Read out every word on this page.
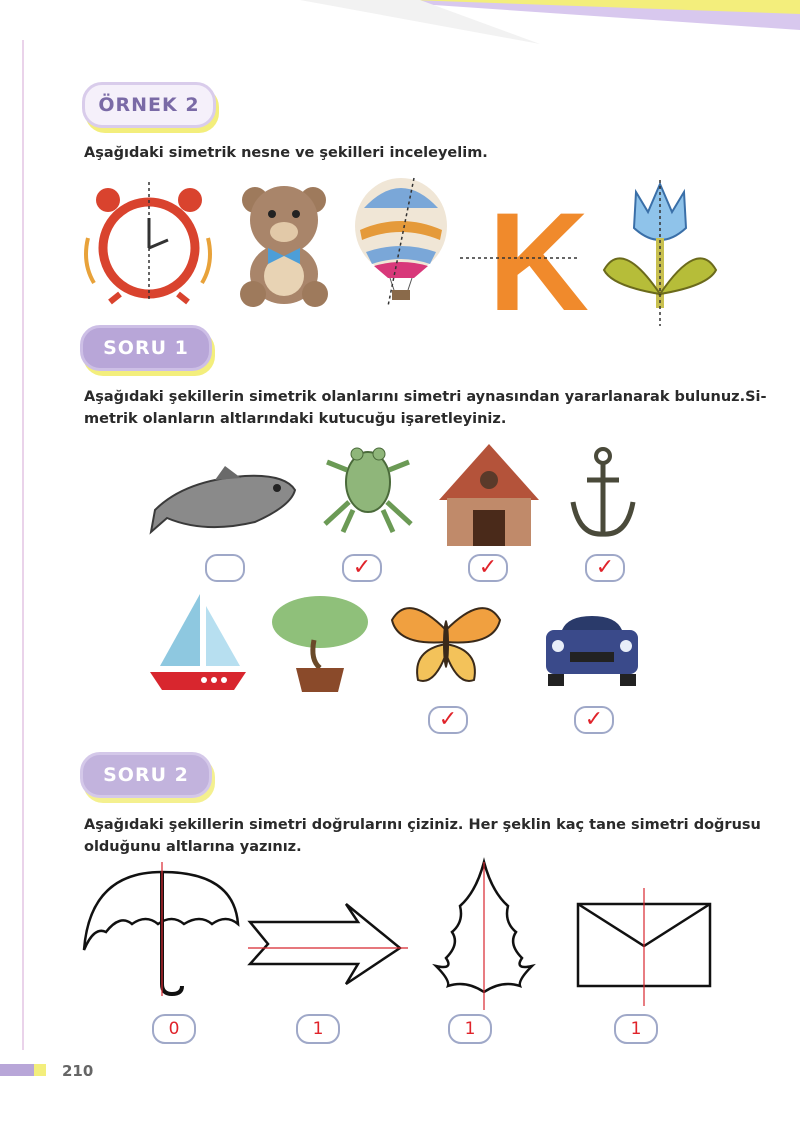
ÖRNEK 2
Aşağıdaki simetrik nesne ve şekilleri inceleyelim.
K
SORU 1
Aşağıdaki şekillerin simetrik olanlarını simetri aynasından yararlanarak bulunuz.Si-
metrik olanların altlarındaki kutucuğu işaretleyiniz.
✓	✓	✓
✓	✓
SORU 2
Aşağıdaki şekillerin simetri doğrularını çiziniz. Her şeklin kaç tane simetri doğrusu
olduğunu altlarına yazınız.
0	1	1	1
210
